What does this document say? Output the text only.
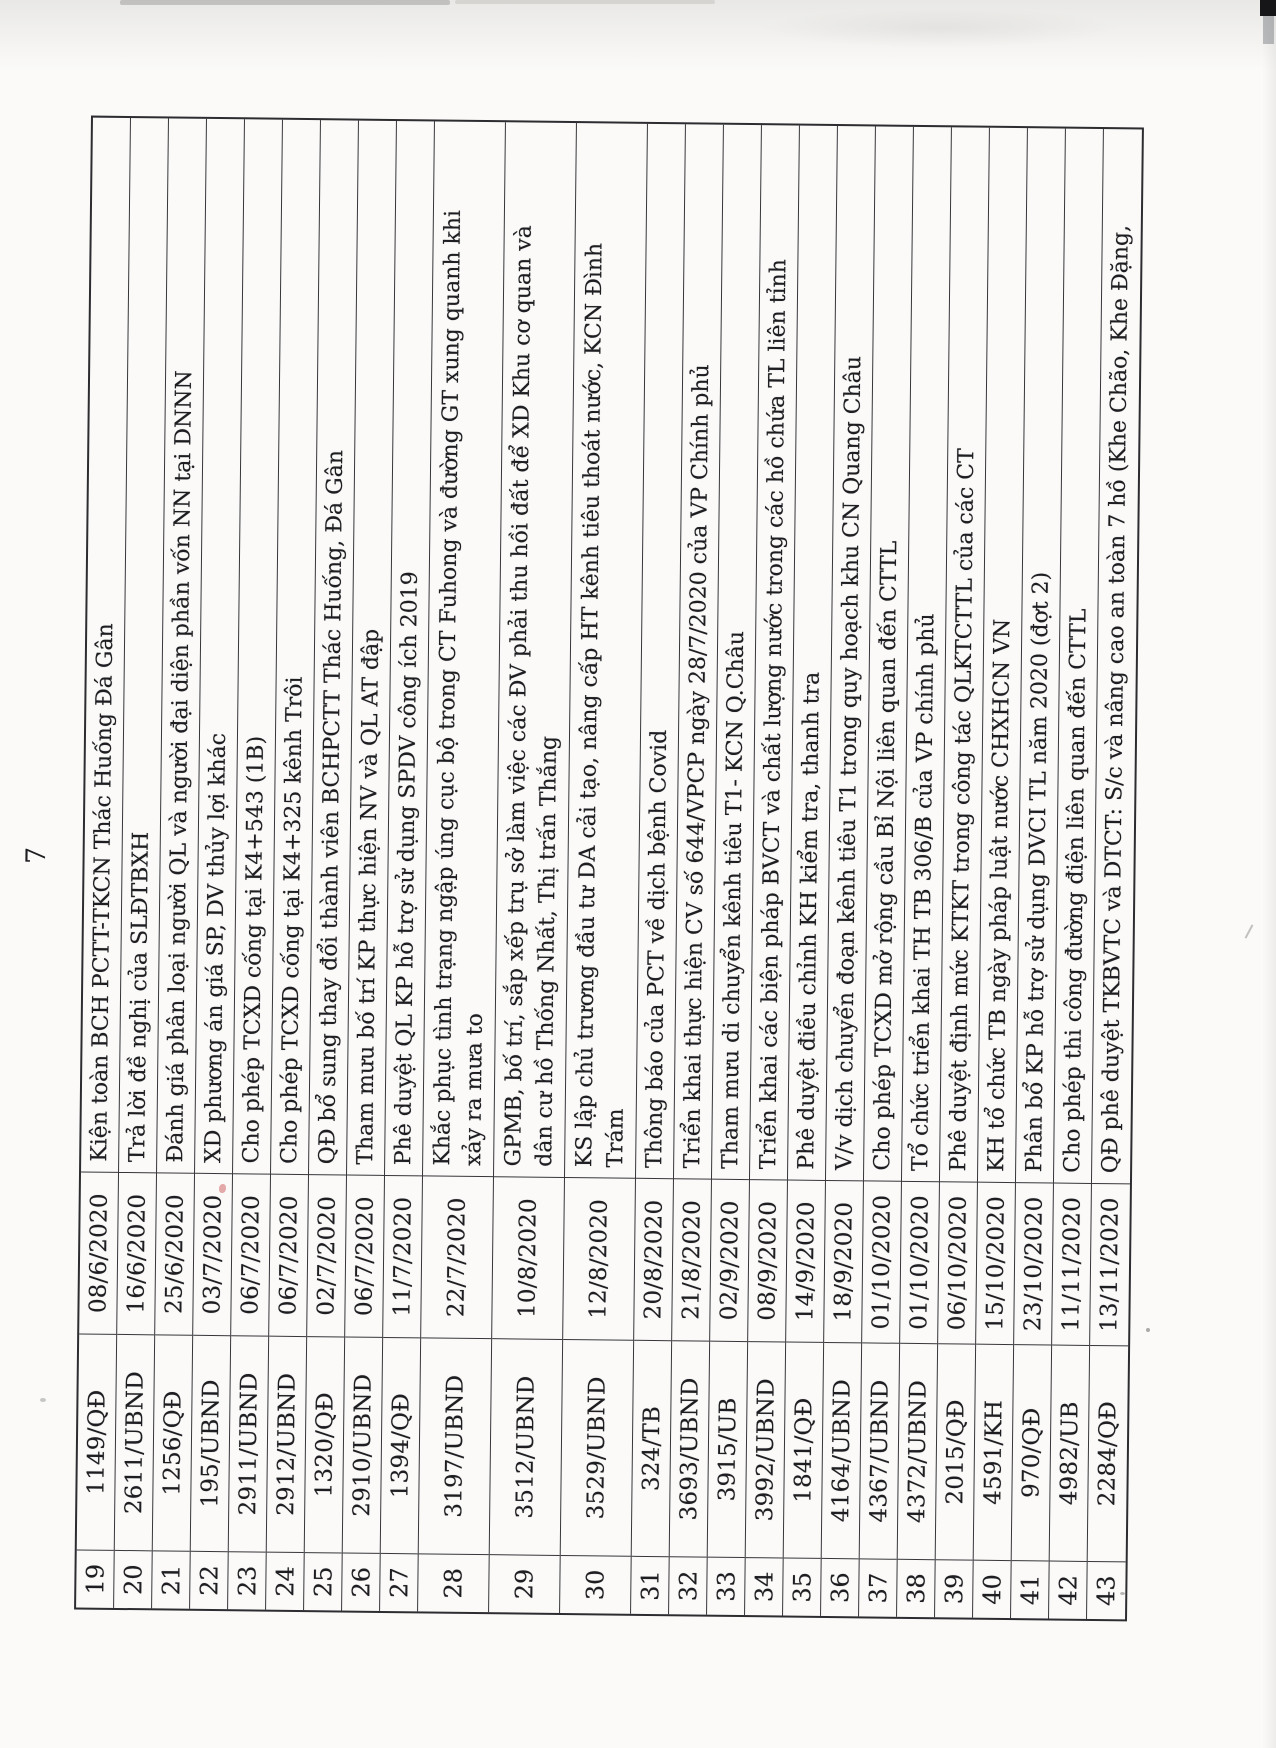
7
19
1149/QĐ
08/6/2020
Kiện toàn BCH PCTT-TKCN Thác Huống Đá Gân
20
2611/UBND
16/6/2020
Trả lời đề nghị của SLĐTBXH
21
1256/QĐ
25/6/2020
Đánh giá phân loại người QL và người đại diện phần vốn NN tại DNNN
22
195/UBND
03/7/2020
XD phương án giá SP, DV thủy lợi khác
23
2911/UBND
06/7/2020
Cho phép TCXD cống tại K4+543 (1B)
24
2912/UBND
06/7/2020
Cho phép TCXD cống tại K4+325 kênh Trôi
25
1320/QĐ
02/7/2020
QĐ bổ sung thay đổi thành viên BCHPCTT Thác Huống, Đá Gân
26
2910/UBND
06/7/2020
Tham mưu bố trí KP thực hiện NV và QL AT đập
27
1394/QĐ
11/7/2020
Phê duyệt QL KP hỗ trợ sử dụng SPDV công ích 2019
28
3197/UBND
22/7/2020
Khắc phục tình trạng ngập úng cục bộ trong CT Fuhong và đường GT xung quanh khi
xảy ra mưa to
29
3512/UBND
10/8/2020
GPMB, bố trí, sắp xếp trụ sở làm việc các ĐV phải thu hồi đất để XD Khu cơ quan và
dân cư hồ Thống Nhất, Thị trấn Thắng
30
3529/UBND
12/8/2020
KS lập chủ trương đầu tư DA cải tạo, nâng cấp HT kênh tiêu thoát nước, KCN Đình
Trám
31
324/TB
20/8/2020
Thông báo của PCT về dịch bệnh Covid
32
3693/UBND
21/8/2020
Triển khai thực hiện CV số 644/VPCP ngày 28/7/2020 của VP Chính phủ
33
3915/UB
02/9/2020
Tham mưu di chuyển kênh tiêu T1- KCN Q.Châu
34
3992/UBND
08/9/2020
Triển khai các biện pháp BVCT và chất lượng nước trong các hồ chứa TL liên tỉnh
35
1841/QĐ
14/9/2020
Phê duyệt điều chỉnh KH kiểm tra, thanh tra
36
4164/UBND
18/9/2020
V/v dịch chuyển đoạn kênh tiêu T1 trong quy hoạch khu CN Quang Châu
37
4367/UBND
01/10/2020
Cho phép TCXD mở rộng cầu Bỉ Nội liên quan đến CTTL
38
4372/UBND
01/10/2020
Tổ chức triển khai TH TB 306/B của VP chính phủ
39
2015/QĐ
06/10/2020
Phê duyệt định mức KTKT trong công tác QLKTCTTL của các CT
40
4591/KH
15/10/2020
KH tổ chức TB ngày pháp luật nước CHXHCN VN
41
970/QĐ
23/10/2020
Phân bổ KP hỗ trợ sử dụng DVCI TL năm 2020 (đợt 2)
42
4982/UB
11/11/2020
Cho phép thi công đường điện liên quan đến CTTL
43
2284/QĐ
13/11/2020
QĐ phê duyệt TKBVTC và DTCT: S/c và nâng cao an toàn 7 hồ (Khe Chão, Khe Đặng,
